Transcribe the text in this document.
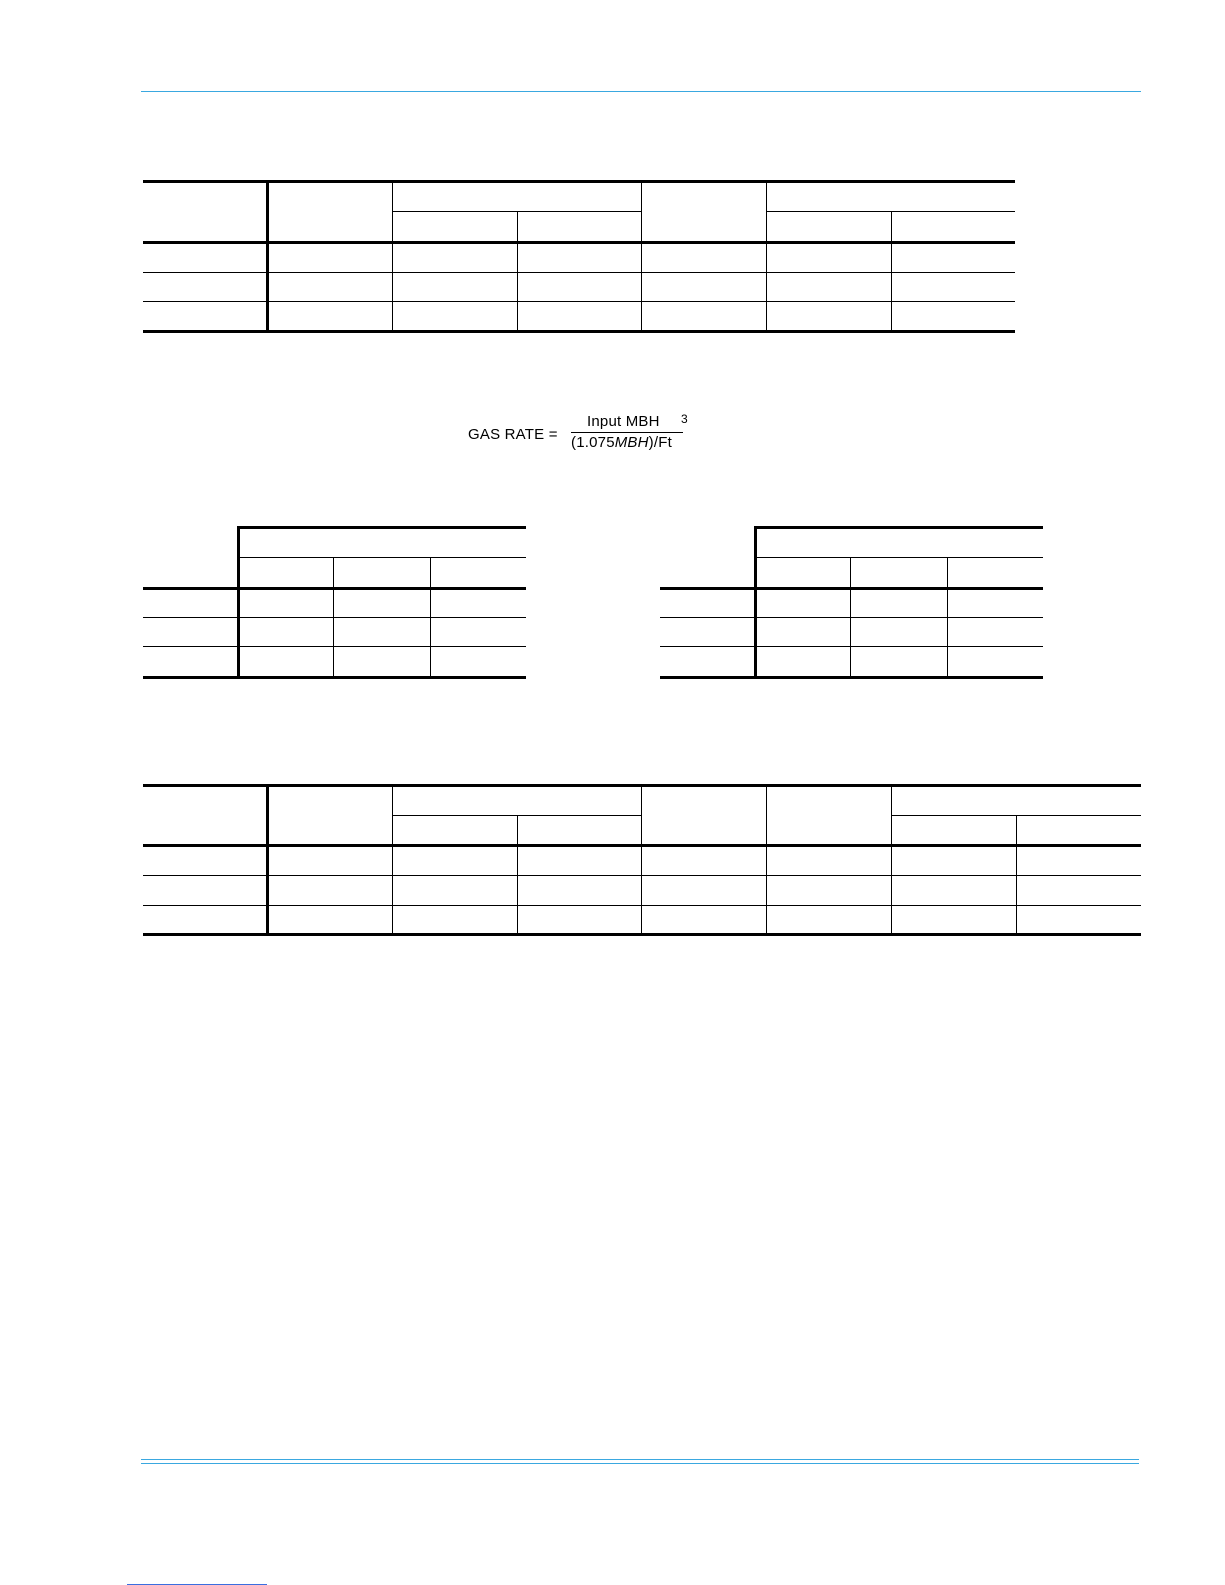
GAS RATE =
Input MBH
(1.075MBH)/Ft
3
